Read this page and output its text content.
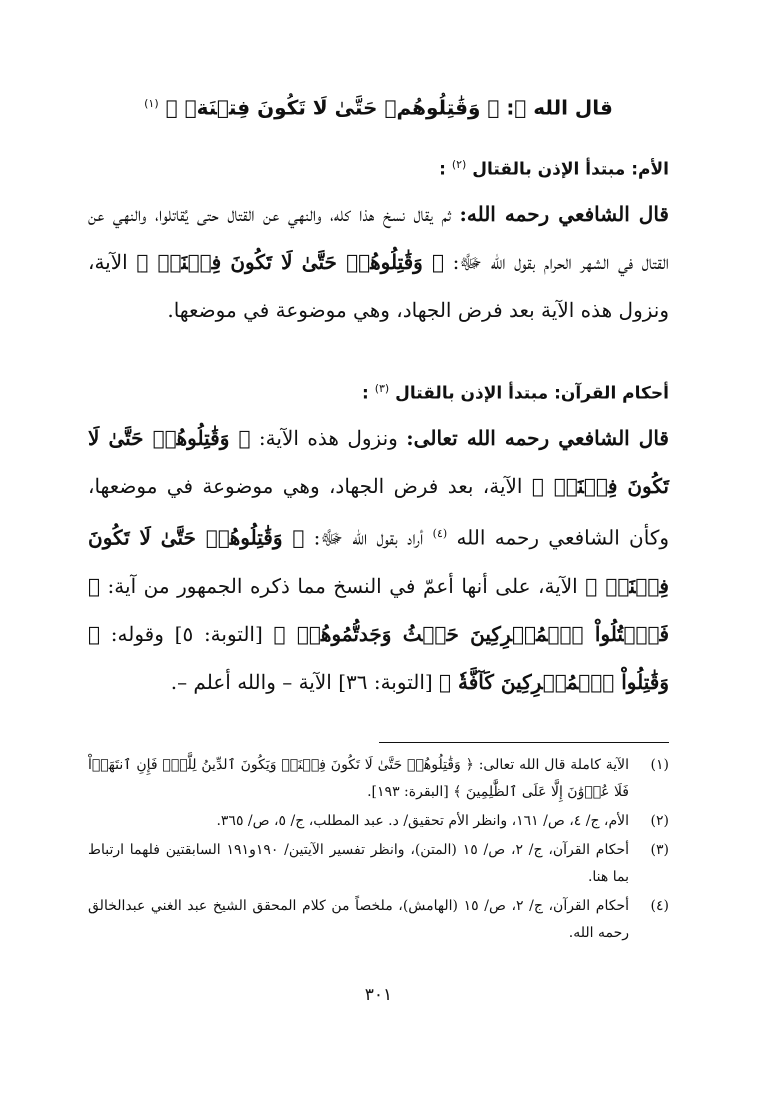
قال الله ﷻ: ﴿ وَقَٰتِلُوهُمۡ حَتَّىٰ لَا تَكُونَ فِتۡنَةٞ ﴾ $^{(١)}$
الأم: مبتدأ الإذن بالقتال $^{(٢)}$ :
قال الشافعي رحمه الله: ثم يقال نسخ هذا كله، والنهي عن القتال حتى يُقاتلوا، والنهي عن القتال في الشهر الحرام بقول الله ﷻ: ﴿ وَقَٰتِلُوهُمۡ حَتَّىٰ لَا تَكُونَ فِتۡنَةٞ ﴾ الآية، ونزول هذه الآية بعد فرض الجهاد، وهي موضوعة في موضعها.
أحكام القرآن: مبتدأ الإذن بالقتال $^{(٣)}$ :
قال الشافعي رحمه الله تعالى: ونزول هذه الآية: ﴿ وَقَٰتِلُوهُمۡ حَتَّىٰ لَا تَكُونَ فِتۡنَةٞ ﴾ الآية، بعد فرض الجهاد، وهي موضوعة في موضعها، وكأن الشافعي رحمه الله $^{(٤)}$ أراد بقول الله ﷻ: ﴿ وَقَٰتِلُوهُمۡ حَتَّىٰ لَا تَكُونَ فِتۡنَةٞ ﴾ الآية، على أنها أعمّ في النسخ مما ذكره الجمهور من آية: ﴿ فَٱقۡتُلُواْ ٱلۡمُشۡرِكِينَ حَيۡثُ وَجَدتُّمُوهُمۡ ﴾ [التوبة: ٥] وقوله: ﴿ وَقَٰتِلُواْ ٱلۡمُشۡرِكِينَ كَآفَّةٗ ﴾ [التوبة: ٣٦] الآية – والله أعلم –.
(١)
الآية كاملة قال الله تعالى: ﴿ وَقَٰتِلُوهُمۡ حَتَّىٰ لَا تَكُونَ فِتۡنَةٞ وَيَكُونَ ٱلدِّينُ لِلَّهِۖ فَإِنِ ٱنتَهَوۡاْ فَلَا عُدۡوَٰنَ إِلَّا عَلَى ٱلظَّٰلِمِينَ ﴾ [البقرة: ١٩٣].
(٢)
الأم، ج/ ٤، ص/ ١٦١، وانظر الأم تحقيق/ د. عبد المطلب، ج/ ٥، ص/ ٣٦٥.
(٣)
أحكام القرآن، ج/ ٢، ص/ ١٥ (المتن)، وانظر تفسير الآيتين/ ١٩٠و١٩١ السابقتين فلهما ارتباط بما هنا.
(٤)
أحكام القرآن، ج/ ٢، ص/ ١٥ (الهامش)، ملخصاً من كلام المحقق الشيخ عبد الغني عبدالخالق رحمه الله.
٣٠١
